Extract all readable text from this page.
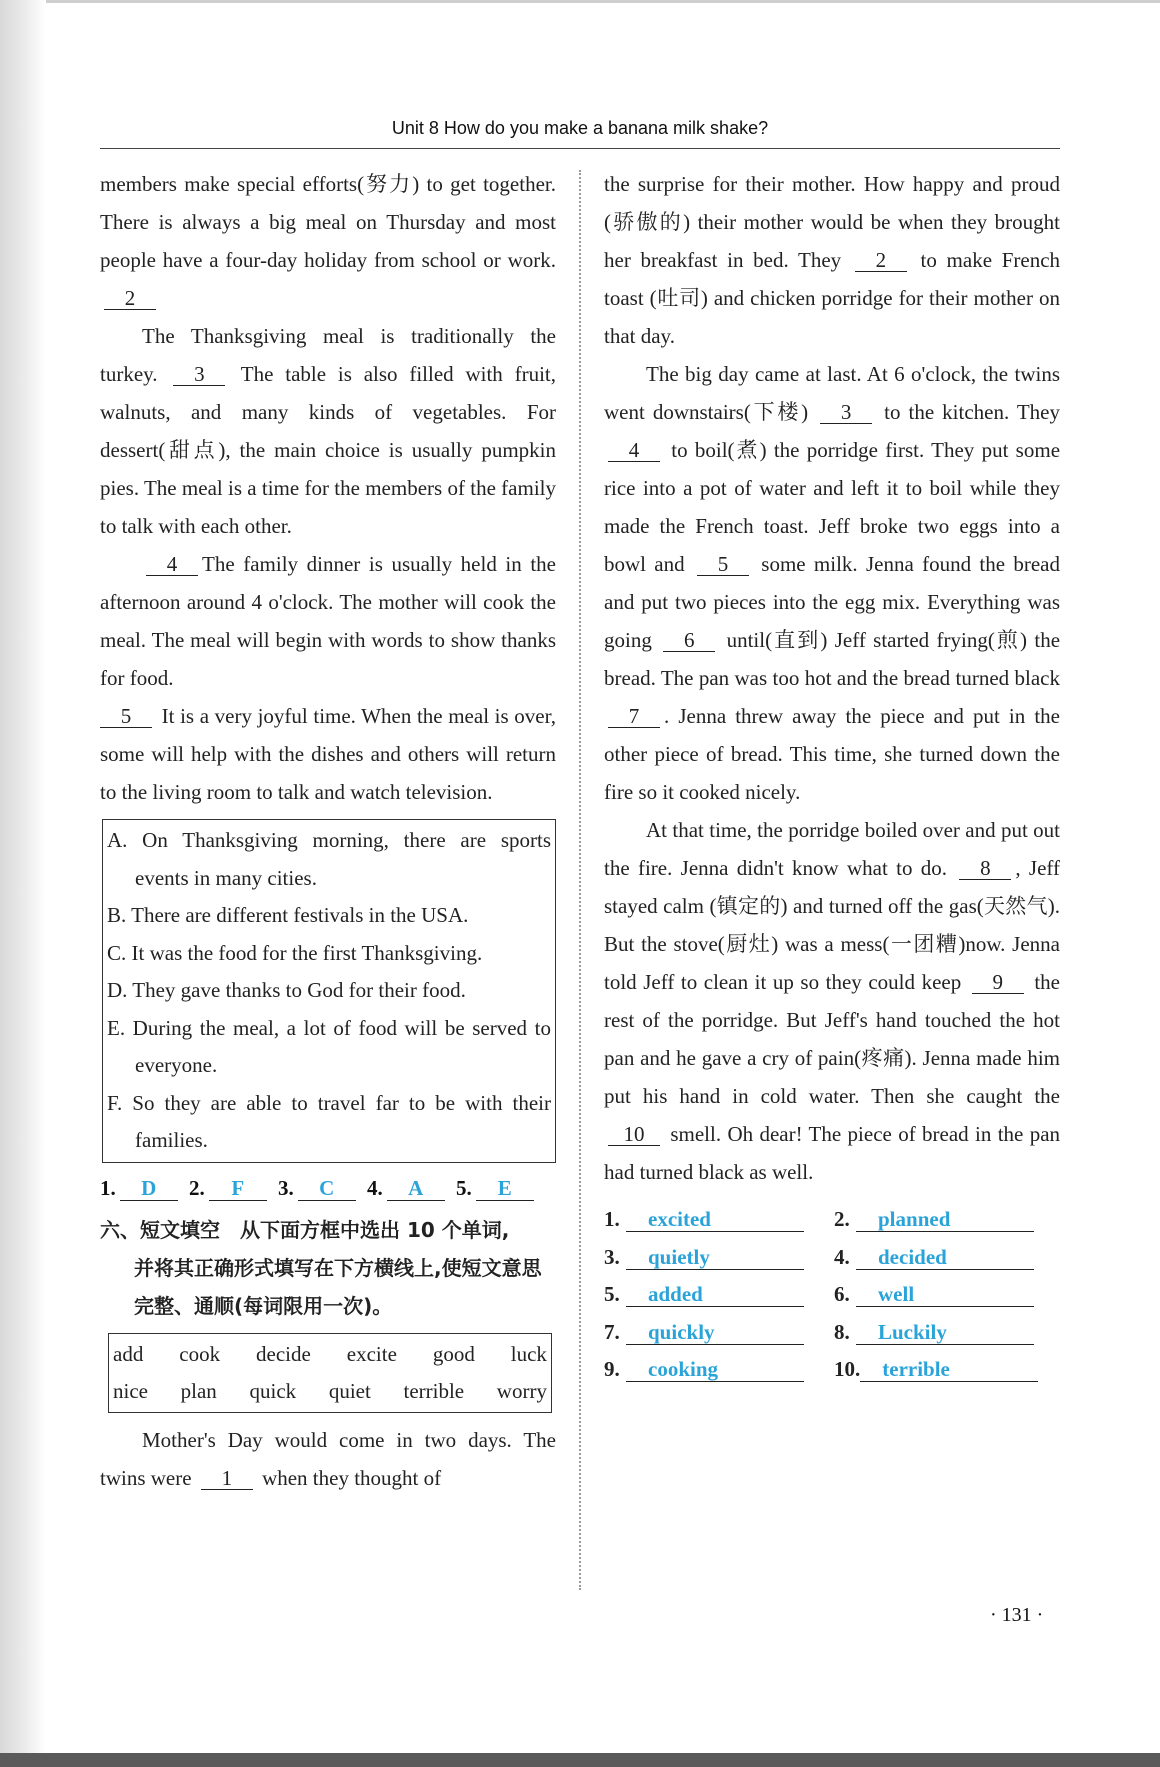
Unit 8 How do you make a banana milk shake?

members make special efforts(努力) to get together. There is always a big meal on Thursday and most people have a four-day holiday from school or work. 2

The Thanksgiving meal is traditionally the turkey. 3 The table is also filled with fruit, walnuts, and many kinds of vegetables. For dessert(甜点), the main choice is usually pumpkin pies. The meal is a time for the members of the family to talk with each other.

4 The family dinner is usually held in the afternoon around 4 o'clock. The mother will cook the meal. The meal will begin with words to show thanks for food.

5 It is a very joyful time. When the meal is over, some will help with the dishes and others will return to the living room to talk and watch television.

A. On Thanksgiving morning, there are sports events in many cities.
B. There are different festivals in the USA.
C. It was the food for the first Thanksgiving.
D. They gave thanks to God for their food.
E. During the meal, a lot of food will be served to everyone.
F. So they are able to travel far to be with their families.
1. D 2. F 3. C 4. A 5. E
六、短文填空　从下面方框中选出 10 个单词,
并将其正确形式填写在下方横线上,使短文意思完整、通顺(每词限用一次)。
add cook decide excite good luck
nice plan quick quiet terrible worry

Mother's Day would come in two days. The twins were 1 when they thought of

the surprise for their mother. How happy and proud (骄傲的) their mother would be when they brought her breakfast in bed. They 2 to make French toast (吐司) and chicken porridge for their mother on that day.

The big day came at last. At 6 o'clock, the twins went downstairs(下楼) 3 to the kitchen. They 4 to boil(煮) the porridge first. They put some rice into a pot of water and left it to boil while they made the French toast. Jeff broke two eggs into a bowl and 5 some milk. Jenna found the bread and put two pieces into the egg mix. Everything was going 6 until(直到) Jeff started frying(煎) the bread. The pan was too hot and the bread turned black 7 . Jenna threw away the piece and put in the other piece of bread. This time, she turned down the fire so it cooked nicely.

At that time, the porridge boiled over and put out the fire. Jenna didn't know what to do. 8 , Jeff stayed calm (镇定的) and turned off the gas(天然气). But the stove(厨灶) was a mess(一团糟)now. Jenna told Jeff to clean it up so they could keep 9 the rest of the porridge. But Jeff's hand touched the hot pan and he gave a cry of pain(疼痛). Jenna made him put his hand in cold water. Then she caught the 10 smell. Oh dear! The piece of bread in the pan had turned black as well.

1. excited	2. planned
3. quietly	4. decided
5. added	6. well
7. quickly	8. Luckily
9. cooking	10. terrible
· 131 ·
